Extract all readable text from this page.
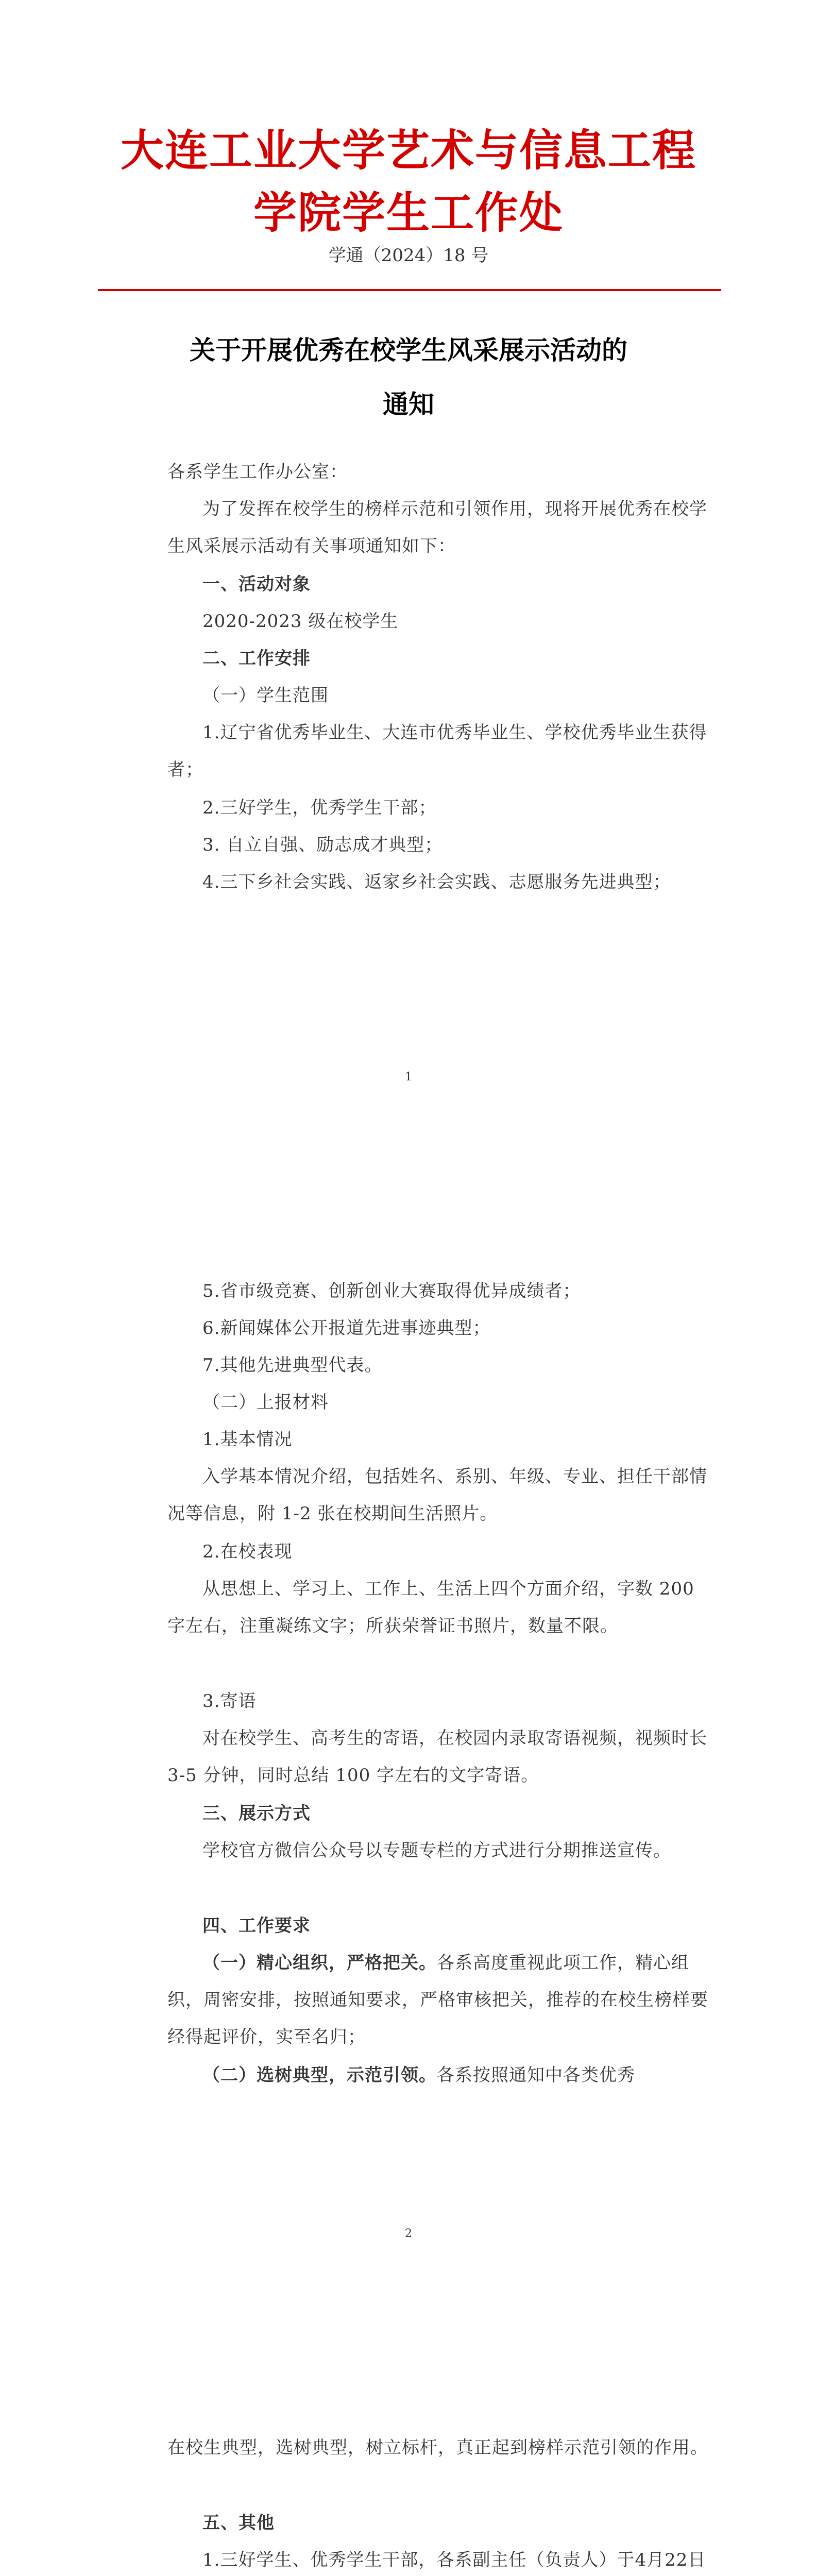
大连工业大学艺术与信息工程学院学生工作处
学通（2024）18 号
关于开展优秀在校学生风采展示活动的
通知

各系学生工作办公室：

为了发挥在校学生的榜样示范和引领作用，现将开展优秀在校学生风采展示活动有关事项通知如下：

一、活动对象

2020-2023 级在校学生

二、工作安排

（一）学生范围

1.辽宁省优秀毕业生、大连市优秀毕业生、学校优秀毕业生获得者；

2.三好学生，优秀学生干部；

3. 自立自强、励志成才典型；

4.三下乡社会实践、返家乡社会实践、志愿服务先进典型；

1

5.省市级竞赛、创新创业大赛取得优异成绩者；

6.新闻媒体公开报道先进事迹典型；

7.其他先进典型代表。

（二）上报材料

1.基本情况

入学基本情况介绍，包括姓名、系别、年级、专业、担任干部情况等信息，附 1-2 张在校期间生活照片。

2.在校表现

从思想上、学习上、工作上、生活上四个方面介绍，字数 200 字左右，注重凝练文字；所获荣誉证书照片，数量不限。

3.寄语

对在校学生、高考生的寄语，在校园内录取寄语视频，视频时长 3-5 分钟，同时总结 100 字左右的文字寄语。

三、展示方式

学校官方微信公众号以专题专栏的方式进行分期推送宣传。

四、工作要求

（一）精心组织，严格把关。各系高度重视此项工作，精心组织，周密安排，按照通知要求，严格审核把关，推荐的在校生榜样要经得起评价，实至名归；

（二）选树典型，示范引领。各系按照通知中各类优秀

2

在校生典型，选树典型，树立标杆，真正起到榜样示范引领的作用。

五、其他

1.三好学生、优秀学生干部，各系副主任（负责人）于4月22日
